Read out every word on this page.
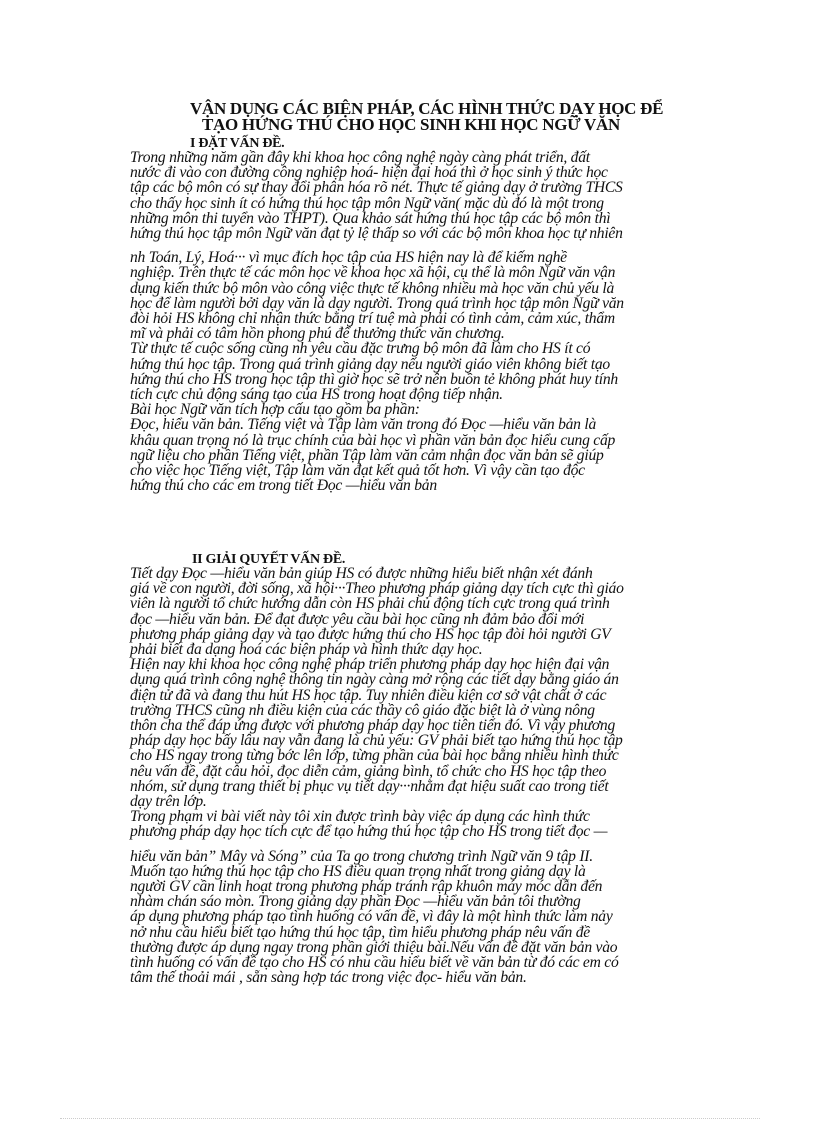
VẬN DỤNG CÁC BIỆN PHÁP, CÁC HÌNH THỨC DẠY HỌC ĐỂ
TẠO HỨNG THÚ CHO HỌC SINH KHI HỌC NGỮ VĂN
I ĐẶT VẤN ĐỀ.
Trong những năm gần đây khi khoa học công nghệ ngày càng phát triển, đất
nước đi vào con đường công nghiệp hoá- hiện đại hoá thì ở học sinh ý thức học
tập các bộ môn có sự thay đổi phân hóa rõ nét. Thực tế giảng dạy ở trường THCS
cho thấy học sinh ít có hứng thú học tập môn Ngữ văn( mặc dù đó là một trong
những môn thi tuyển vào THPT). Qua khảo sát hứng thú học tập các bộ môn thì
hứng thú học tập môn Ngữ văn đạt tỷ lệ thấp so với các bộ môn khoa học tự nhiên
nh Toán, Lý, Hoá··· vì mục đích học tập của HS hiện nay là để kiếm nghề
nghiệp. Trên thực tế các môn học về khoa học xã hội, cụ thể là môn Ngữ văn vận
dụng kiến thức bộ môn vào công việc thực tế không nhiều mà học văn chủ yếu là
học để làm người bởi dạy văn là dạy người. Trong quá trình học tập môn Ngữ văn
đòi hỏi HS không chỉ nhận thức bằng trí tuệ mà phải có tình cảm, cảm xúc, thẩm
mĩ và phải có tâm hồn phong phú để thưởng thức văn chương.
Từ thực tế cuộc sống cũng nh yêu cầu đặc trưng bộ môn đã làm cho HS ít có
hứng thú học tập. Trong quá trình giảng dạy nếu người giáo viên không biết tạo
hứng thú cho HS trong học tập thì giờ học sẽ trở nên buồn tẻ không phát huy tính
tích cực chủ động sáng tạo của HS trong hoạt động tiếp nhận.
Bài học Ngữ văn tích hợp cấu tạo gồm ba phần:
Đọc, hiểu văn bản. Tiếng việt và Tập làm văn trong đó Đọc —hiểu văn bản là
khâu quan trọng nó là trục chính của bài học vì phần văn bản đọc hiểu cung cấp
ngữ liệu cho phần Tiếng việt, phần Tập làm văn cảm nhận đọc văn bản sẽ giúp
cho việc học Tiếng việt, Tập làm văn đạt kết quả tốt hơn. Vì vậy cần tạo độc
hứng thú cho các em trong tiết Đọc —hiểu văn bản
II GIẢI QUYẾT VẤN ĐỀ.
Tiết dạy Đọc —hiểu văn bản giúp HS có được những hiểu biết nhận xét đánh
giá về con người, đời sống, xã hội···Theo phương pháp giảng dạy tích cực thì giáo
viên là người tổ chức hướng dẫn còn HS phải chủ động tích cực trong quá trình
đọc —hiểu văn bản. Để đạt được yêu cầu bài học cũng nh đảm bảo đổi mới
phương pháp giảng dạy và tạo được hứng thú cho HS học tập đòi hỏi người GV
phải biết đa dạng hoá các biện pháp và hình thức dạy học.
Hiện nay khi khoa học công nghệ pháp triển phương pháp dạy học hiện đại vận
dụng quá trình công nghệ thông tin ngày càng mở rộng các tiết dạy bằng giáo án
điện tử đã và đang thu hút HS học tập. Tuy nhiên điều kiện cơ sở vật chất ở các
trường THCS cũng nh điều kiện của các thầy cô giáo đặc biệt là ở vùng nông
thôn cha thể đáp ứng được với phương pháp dạy học tiên tiến đó. Vì vậy phương
pháp dạy học bấy lâu nay vẫn đang là chủ yếu: GV phải biết tạo hứng thú học tập
cho HS ngay trong từng bớc lên lớp, từng phần của bài học bằng nhiều hình thức
nêu vấn đề, đặt câu hỏi, đọc diễn cảm, giảng bình, tổ chức cho HS học tập theo
nhóm, sử dụng trang thiết bị phục vụ tiết dạy···nhằm đạt hiệu suất cao trong tiết
dạy trên lớp.
Trong phạm vi bài viết này tôi xin được trình bày việc áp dụng các hình thức
phương pháp dạy học tích cực để tạo hứng thú học tập cho HS trong tiết đọc —
hiểu văn bản” Mây và Sóng” của Ta go trong chương trình Ngữ văn 9 tập II.
Muốn tạo hứng thú học tập cho HS điều quan trọng nhất trong giảng dạy là
người GV cần linh hoạt trong phương pháp tránh rập khuôn máy móc dẫn đến
nhàm chán sáo mòn. Trong giảng dạy phần Đọc —hiểu văn bản tôi thường
áp dụng phương pháp tạo tình huống có vấn đề, vì đây là một hình thức làm nảy
nở nhu cầu hiểu biết tạo hứng thú học tập, tìm hiểu phương pháp nêu vấn đề
thường được áp dụng ngay trong phần giới thiệu bài.Nếu vấn đề đặt văn bản vào
tình huống có vấn đề tạo cho HS có nhu cầu hiểu biết về văn bản từ đó các em có
tâm thế thoải mái , sẵn sàng hợp tác trong việc đọc- hiểu văn bản.
